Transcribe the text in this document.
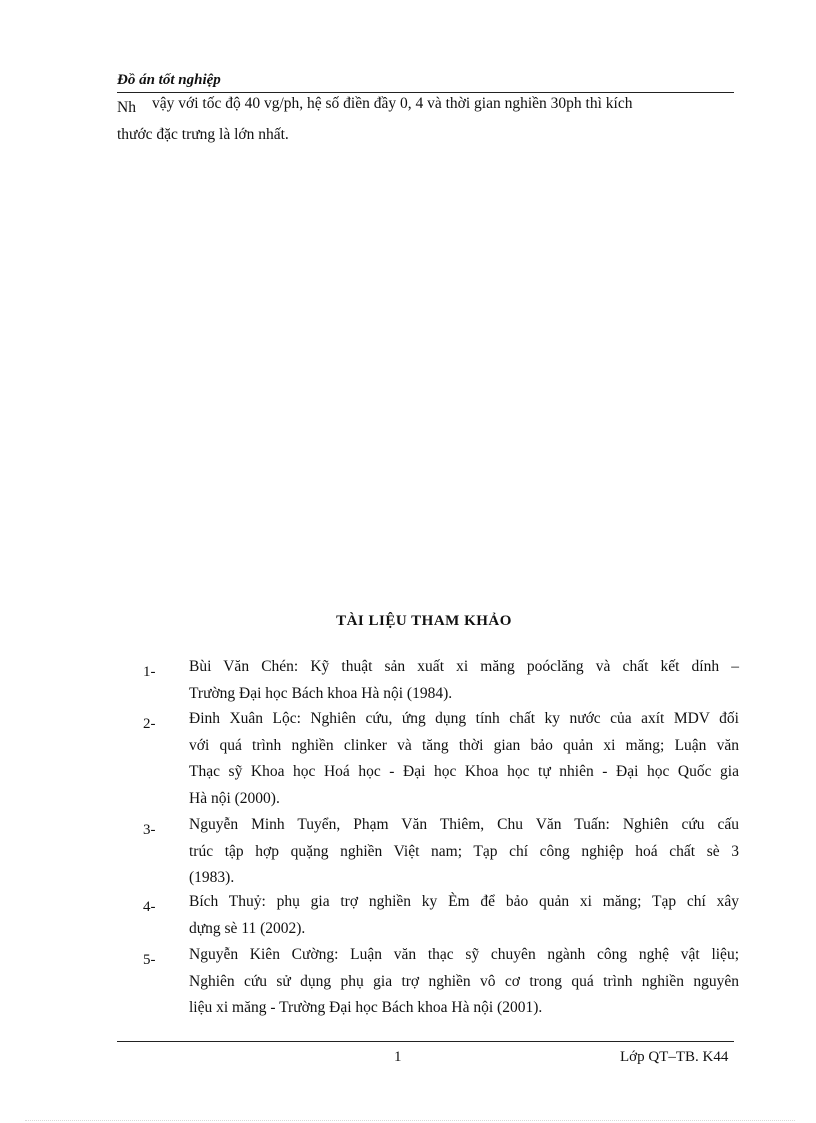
Đồ án tốt nghiệp
Nh vậy với tốc độ 40 vg/ph, hệ số điền đầy 0, 4 và thời gian nghiền 30ph thì kích
thước đặc trưng là lớn nhất.
TÀI LIỆU THAM KHẢO
1- Bùi Văn Chén: Kỹ thuật sản xuất xi măng poóclăng và chất kết dính –
Trường Đại học Bách khoa Hà nội (1984).
2- Đinh Xuân Lộc: Nghiên cứu, ứng dụng tính chất ky nước của axít MDV đối
với quá trình nghiền clinker và tăng thời gian bảo quản xi măng; Luận văn
Thạc sỹ Khoa học Hoá học - Đại học Khoa học tự nhiên - Đại học Quốc gia
Hà nội (2000).
3- Nguyễn Minh Tuyển, Phạm Văn Thiêm, Chu Văn Tuấn: Nghiên cứu cấu
trúc tập hợp quặng nghiền Việt nam; Tạp chí công nghiệp hoá chất sè 3
(1983).
4- Bích Thuỷ: phụ gia trợ nghiền ky Èm để bảo quản xi măng; Tạp chí xây
dựng sè 11 (2002).
5- Nguyễn Kiên Cường: Luận văn thạc sỹ chuyên ngành công nghệ vật liệu;
Nghiên cứu sử dụng phụ gia trợ nghiền vô cơ trong quá trình nghiền nguyên
liệu xi măng - Trường Đại học Bách khoa Hà nội (2001).
1	Lớp QT–TB. K44
